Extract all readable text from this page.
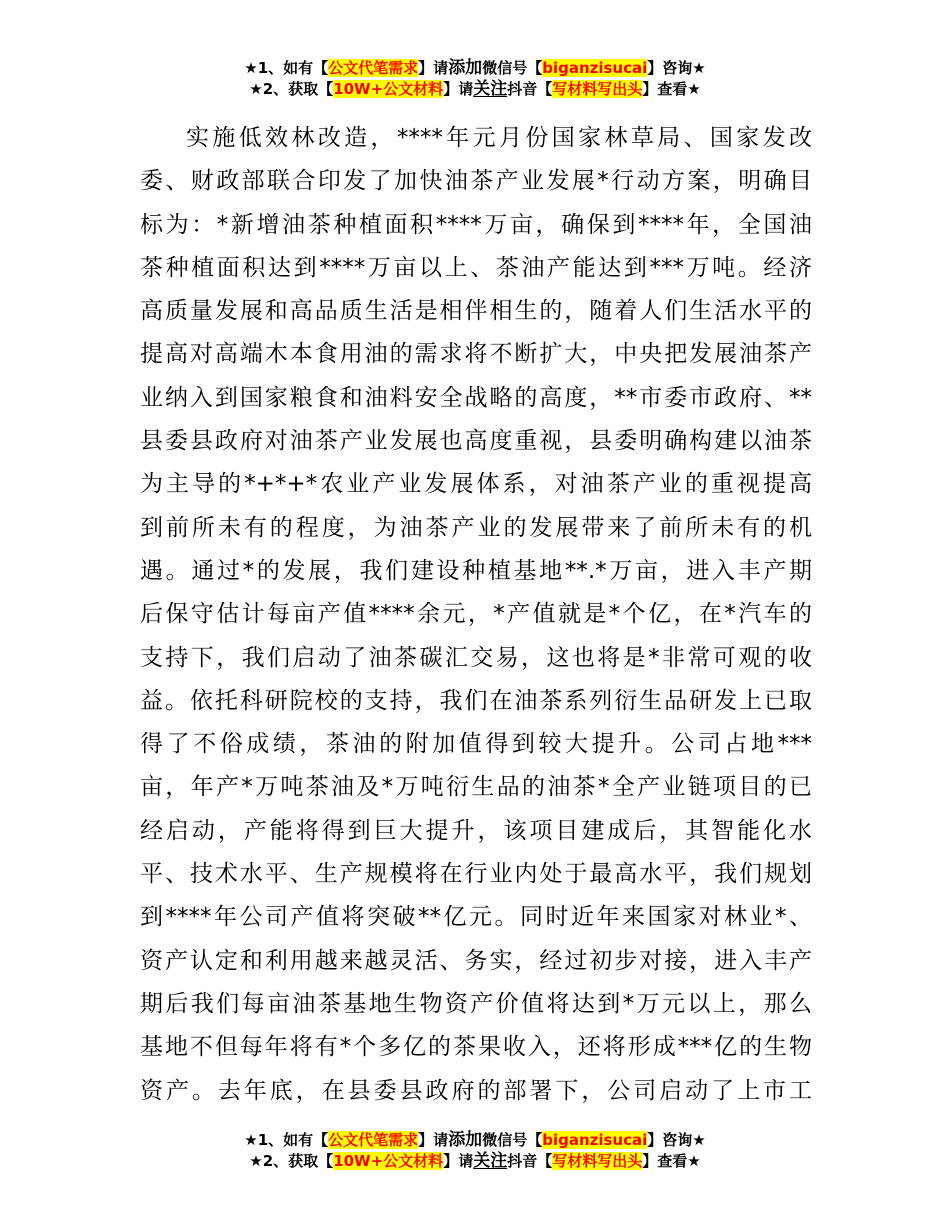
★1、如有【公文代笔需求】请添加微信号【biganzisucai】咨询★
★2、获取【10W+公文材料】请关注抖音【写材料写出头】查看★
实施低效林改造，****年元月份国家林草局、国家发改
委、财政部联合印发了加快油茶产业发展*行动方案，明确目
标为：*新增油茶种植面积****万亩，确保到****年，全国油
茶种植面积达到****万亩以上、茶油产能达到***万吨。经济
高质量发展和高品质生活是相伴相生的，随着人们生活水平的
提高对高端木本食用油的需求将不断扩大，中央把发展油茶产
业纳入到国家粮食和油料安全战略的高度，**市委市政府、**
县委县政府对油茶产业发展也高度重视，县委明确构建以油茶
为主导的*+*+*农业产业发展体系，对油茶产业的重视提高
到前所未有的程度，为油茶产业的发展带来了前所未有的机
遇。通过*的发展，我们建设种植基地**.*万亩，进入丰产期
后保守估计每亩产值****余元，*产值就是*个亿，在*汽车的
支持下，我们启动了油茶碳汇交易，这也将是*非常可观的收
益。依托科研院校的支持，我们在油茶系列衍生品研发上已取
得了不俗成绩，茶油的附加值得到较大提升。公司占地***
亩，年产*万吨茶油及*万吨衍生品的油茶*全产业链项目的已
经启动，产能将得到巨大提升，该项目建成后，其智能化水
平、技术水平、生产规模将在行业内处于最高水平，我们规划
到****年公司产值将突破**亿元。同时近年来国家对林业*、
资产认定和利用越来越灵活、务实，经过初步对接，进入丰产
期后我们每亩油茶基地生物资产价值将达到*万元以上，那么
基地不但每年将有*个多亿的茶果收入，还将形成***亿的生物
资产。去年底，在县委县政府的部署下，公司启动了上市工
★1、如有【公文代笔需求】请添加微信号【biganzisucai】咨询★
★2、获取【10W+公文材料】请关注抖音【写材料写出头】查看★
